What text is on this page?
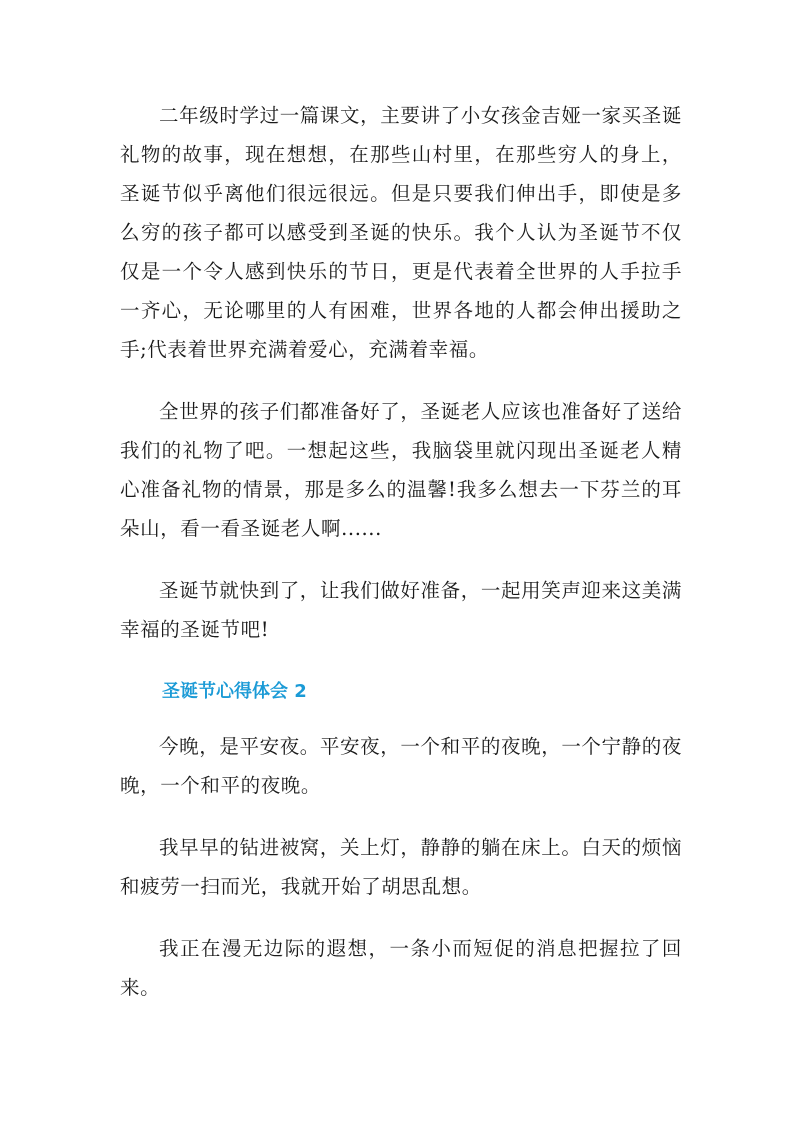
二年级时学过一篇课文，主要讲了小女孩金吉娅一家买圣诞礼物的故事，现在想想，在那些山村里，在那些穷人的身上，圣诞节似乎离他们很远很远。但是只要我们伸出手，即使是多么穷的孩子都可以感受到圣诞的快乐。我个人认为圣诞节不仅仅是一个令人感到快乐的节日，更是代表着全世界的人手拉手一齐心，无论哪里的人有困难，世界各地的人都会伸出援助之手;代表着世界充满着爱心，充满着幸福。

全世界的孩子们都准备好了，圣诞老人应该也准备好了送给我们的礼物了吧。一想起这些，我脑袋里就闪现出圣诞老人精心准备礼物的情景，那是多么的温馨!我多么想去一下芬兰的耳朵山，看一看圣诞老人啊......

圣诞节就快到了，让我们做好准备，一起用笑声迎来这美满幸福的圣诞节吧!

圣诞节心得体会 2

今晚，是平安夜。平安夜，一个和平的夜晚，一个宁静的夜晚，一个和平的夜晚。

我早早的钻进被窝，关上灯，静静的躺在床上。白天的烦恼和疲劳一扫而光，我就开始了胡思乱想。

我正在漫无边际的遐想，一条小而短促的消息把握拉了回来。
